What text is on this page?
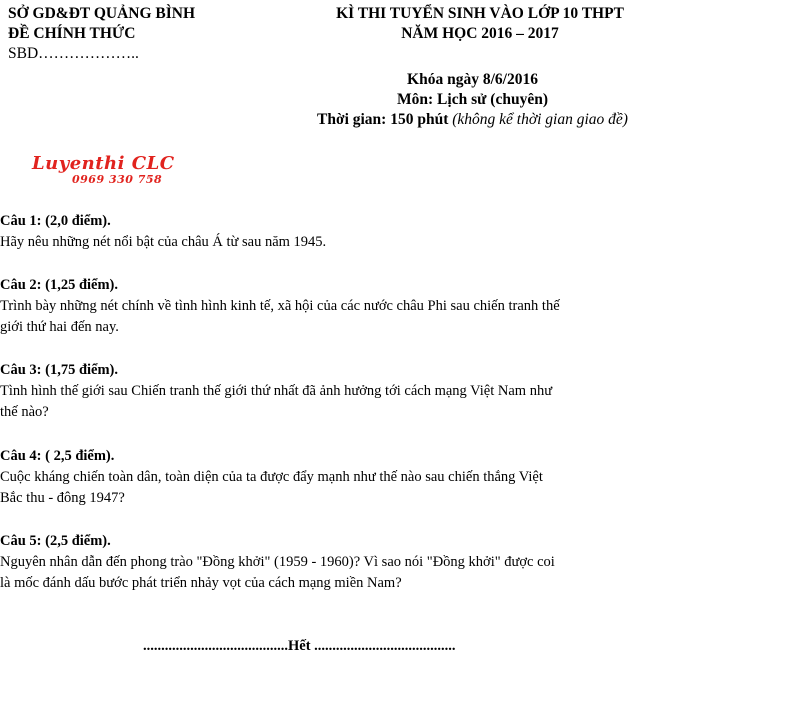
SỞ GD&ĐT QUẢNG BÌNH
ĐỀ CHÍNH THỨC
SBD………………..
KÌ THI TUYỂN SINH VÀO LỚP 10 THPT
NĂM HỌC 2016 – 2017
Khóa ngày 8/6/2016
Môn: Lịch sử (chuyên)
Thời gian: 150 phút (không kể thời gian giao đề)
Luyenthi CLC
0969 330 758
Câu 1: (2,0 điểm).
Hãy nêu những nét nổi bật của châu Á từ sau năm 1945.
Câu 2: (1,25 điểm).
Trình bày những nét chính về tình hình kinh tế, xã hội của các nước châu Phi sau chiến tranh thế
giới thứ hai đến nay.
Câu 3: (1,75 điểm).
Tình hình thế giới sau Chiến tranh thế giới thứ nhất đã ảnh hưởng tới cách mạng Việt Nam như
thế nào?
Câu 4: ( 2,5 điểm).
Cuộc kháng chiến toàn dân, toàn diện của ta được đẩy mạnh như thế nào sau chiến thắng Việt
Bắc thu - đông 1947?
Câu 5: (2,5 điểm).
Nguyên nhân dẫn đến phong trào "Đồng khởi" (1959 - 1960)? Vì sao nói "Đồng khởi" được coi
là mốc đánh dấu bước phát triển nhảy vọt của cách mạng miền Nam?
........................................Hết .......................................
